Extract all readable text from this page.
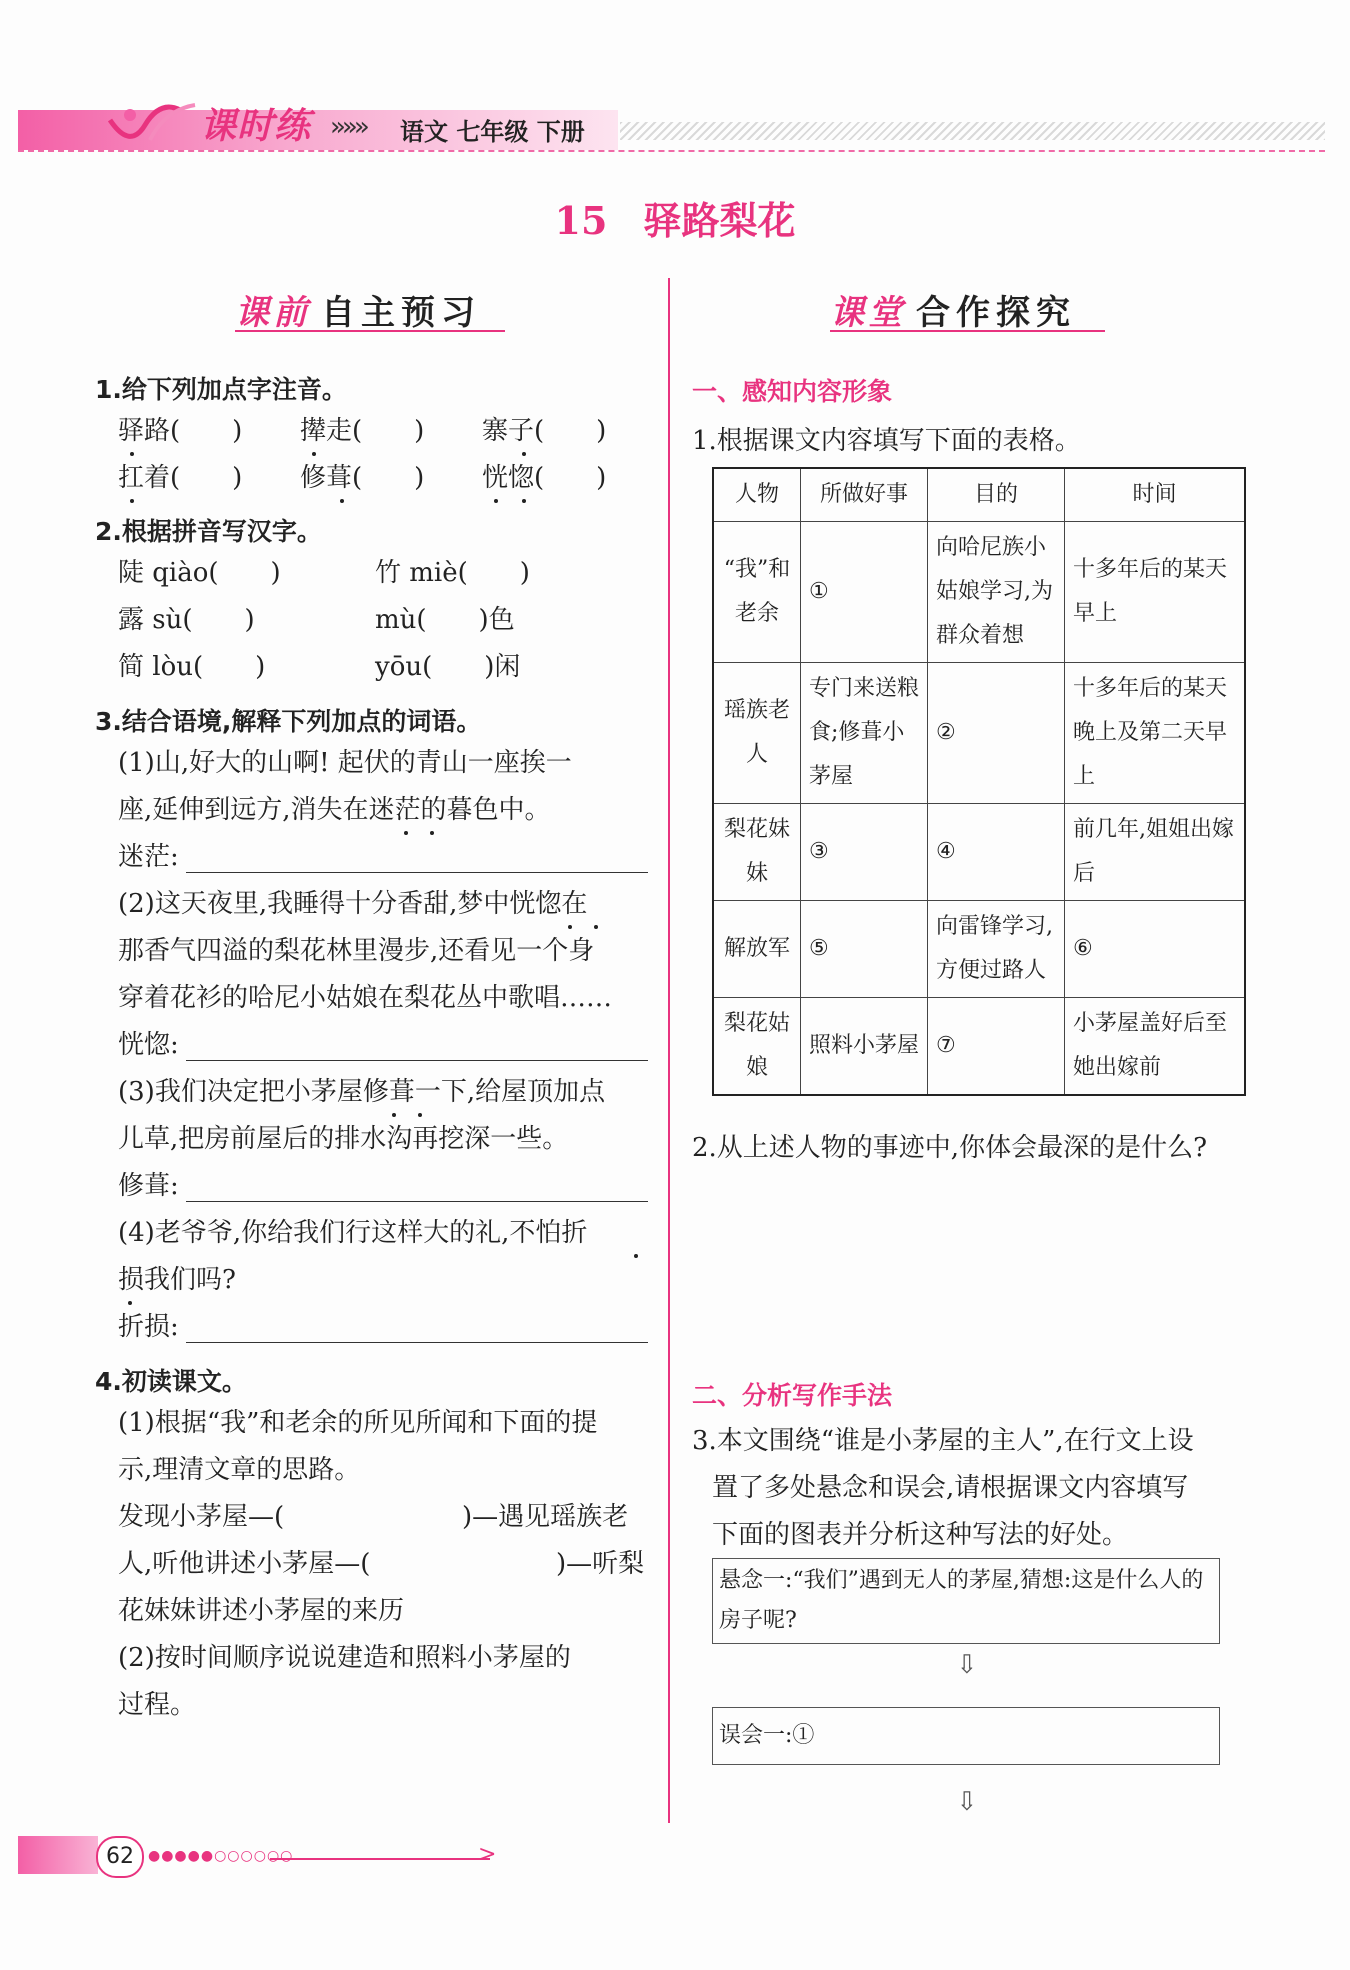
课时练 »»» 语文 七年级 下册
15 驿路梨花
课前 自主预习	课堂 合作探究
1.给下列加点字注音。
驿路(　　) 撵走(　　) 寨子(　　)
扛着(　　) 修葺(　　) 恍惚(　　)
2.根据拼音写汉字。
陡 qiào(　　)	竹 miè(　　)
露 sù(　　)	mù(　　)色
简 lòu(　　)	yōu(　　)闲
3.结合语境,解释下列加点的词语。
(1)山,好大的山啊! 起伏的青山一座挨一
座,延伸到远方,消失在迷茫的暮色中。
迷茫:
(2)这天夜里,我睡得十分香甜,梦中恍惚在
那香气四溢的梨花林里漫步,还看见一个身
穿着花衫的哈尼小姑娘在梨花丛中歌唱……
恍惚:
(3)我们决定把小茅屋修葺一下,给屋顶加点
儿草,把房前屋后的排水沟再挖深一些。
修葺:
(4)老爷爷,你给我们行这样大的礼,不怕折
损我们吗?
折损:
4.初读课文。
(1)根据“我”和老余的所见所闻和下面的提
示,理清文章的思路。
发现小茅屋—(	)—遇见瑶族老
人,听他讲述小茅屋—(	)—听梨
花妹妹讲述小茅屋的来历
(2)按时间顺序说说建造和照料小茅屋的
过程。
一、感知内容形象
1.根据课文内容填写下面的表格。
人物	所做好事	目的	时间
“我”和老余	①	向哈尼族小姑娘学习,为群众着想	十多年后的某天早上
瑶族老人	专门来送粮食;修葺小茅屋	②	十多年后的某天晚上及第二天早上
梨花妹妹	③	④	前几年,姐姐出嫁后
解放军	⑤	向雷锋学习,方便过路人	⑥
梨花姑娘	照料小茅屋	⑦	小茅屋盖好后至她出嫁前
2.从上述人物的事迹中,你体会最深的是什么?
二、分析写作手法
3.本文围绕“谁是小茅屋的主人”,在行文上设
置了多处悬念和误会,请根据课文内容填写
下面的图表并分析这种写法的好处。
悬念一:“我们”遇到无人的茅屋,猜想:这是什么人的房子呢?
⇩
误会一:①
⇩
62	●●●●●○○○○○○	>
